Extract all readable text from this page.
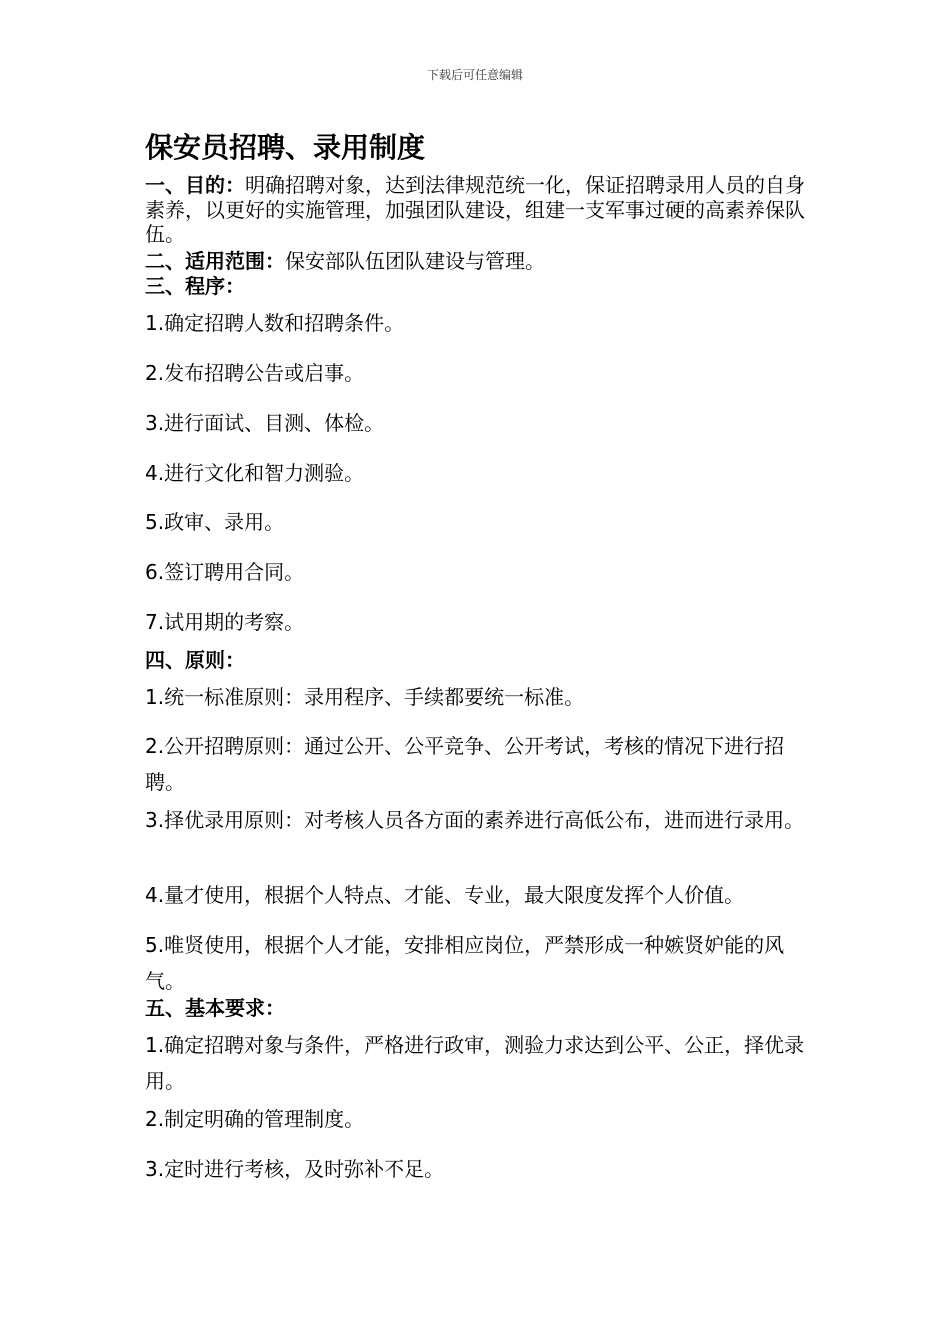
下载后可任意编辑
保安员招聘、录用制度
一、目的：明确招聘对象，达到法律规范统一化，保证招聘录用人员的自身素养，以更好的实施管理，加强团队建设，组建一支军事过硬的高素养保队伍。
二、适用范围：保安部队伍团队建设与管理。
三、程序：
1.确定招聘人数和招聘条件。
2.发布招聘公告或启事。
3.进行面试、目测、体检。
4.进行文化和智力测验。
5.政审、录用。
6.签订聘用合同。
7.试用期的考察。
四、原则：
1.统一标准原则：录用程序、手续都要统一标准。
2.公开招聘原则：通过公开、公平竞争、公开考试，考核的情况下进行招聘。
3.择优录用原则：对考核人员各方面的素养进行高低公布，进而进行录用。
4.量才使用，根据个人特点、才能、专业，最大限度发挥个人价值。
5.唯贤使用，根据个人才能，安排相应岗位，严禁形成一种嫉贤妒能的风气。
五、基本要求：
1.确定招聘对象与条件，严格进行政审，测验力求达到公平、公正，择优录用。
2.制定明确的管理制度。
3.定时进行考核，及时弥补不足。
